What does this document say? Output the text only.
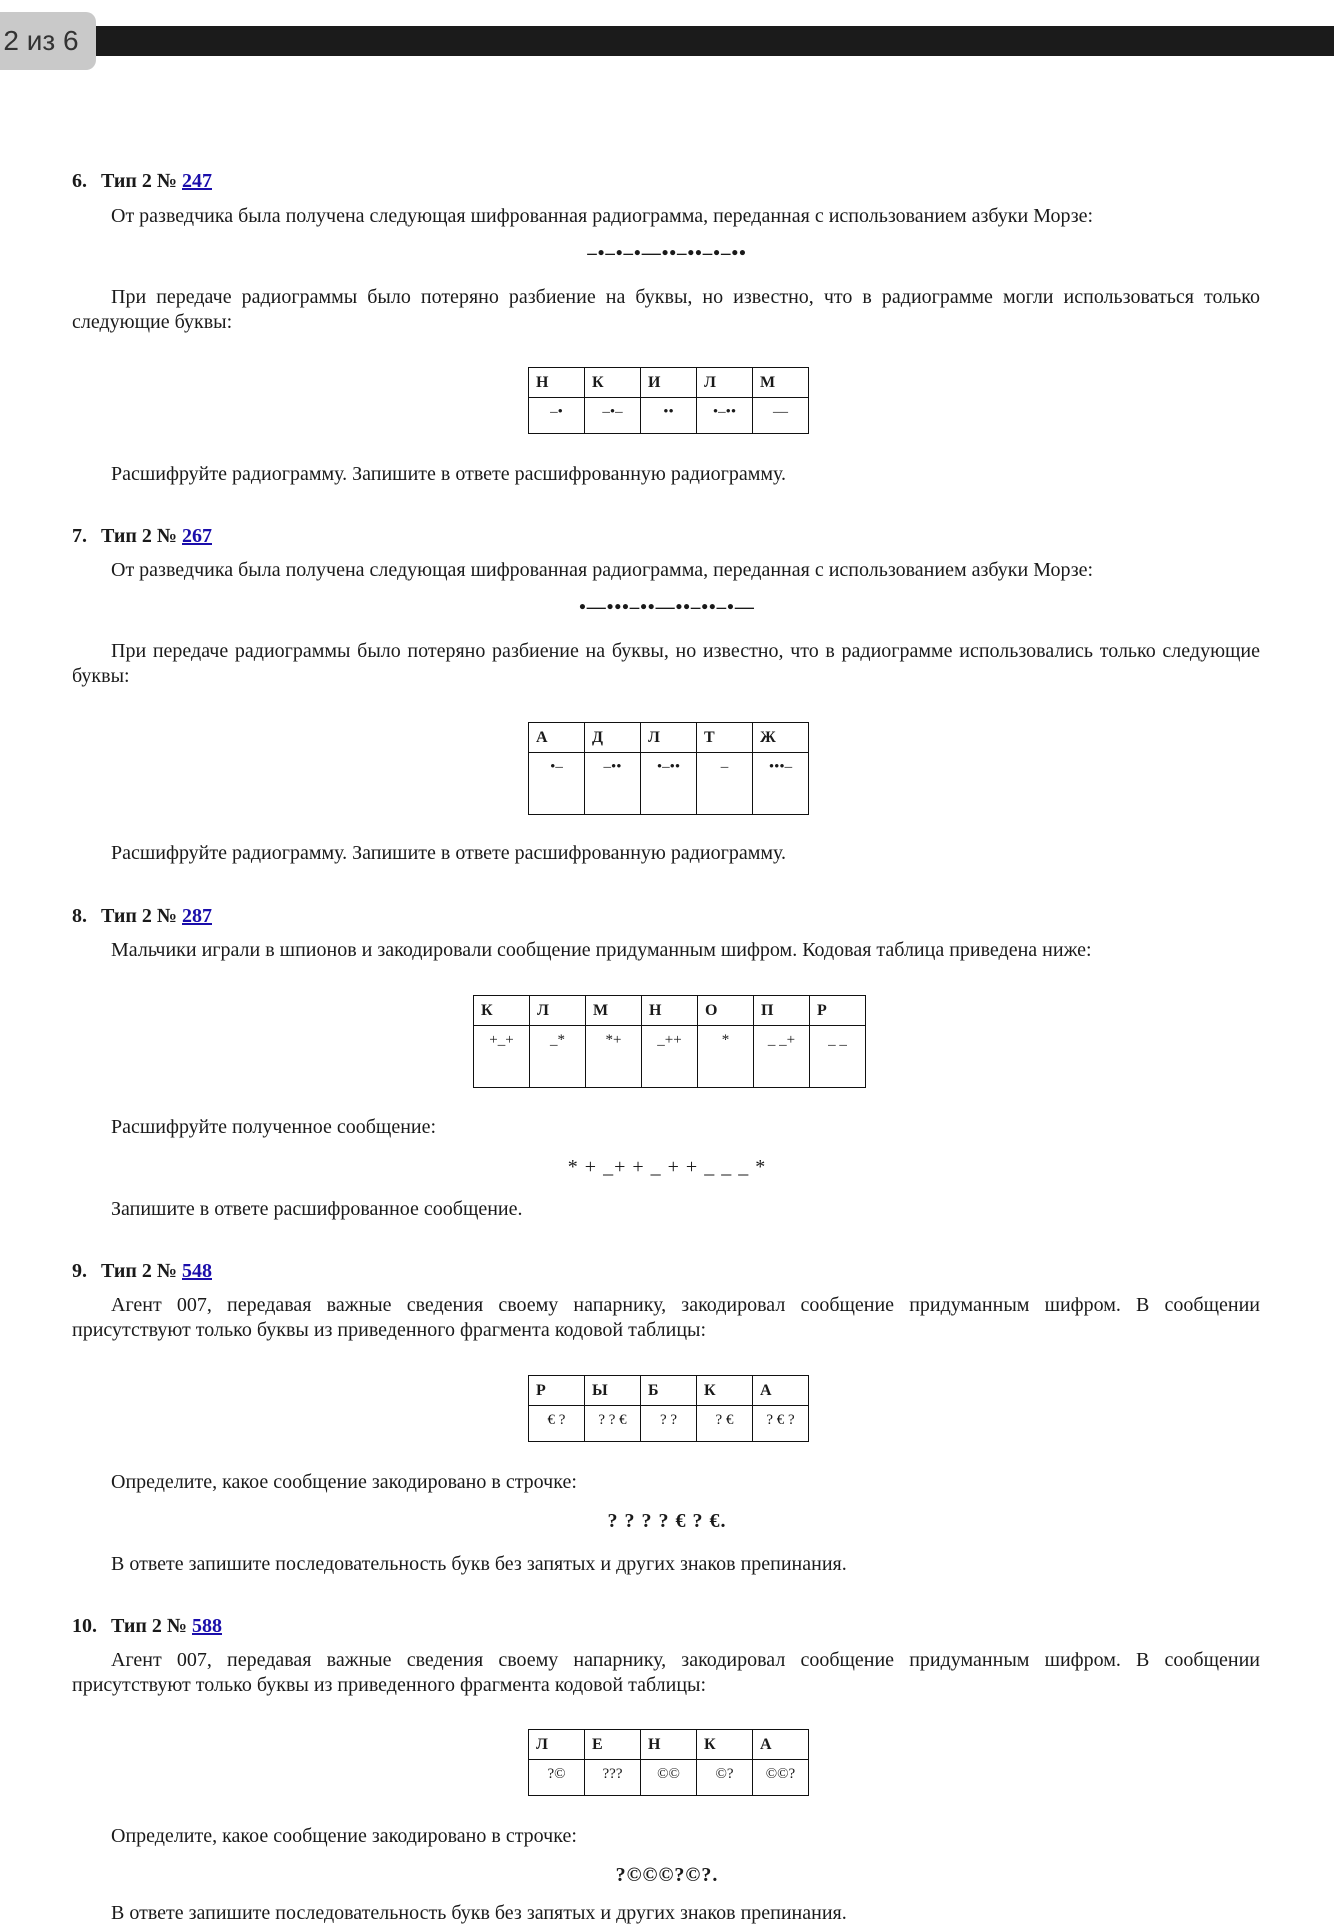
2 из 6
6. Тип 2 № 247
От разведчика была получена следующая шифрованная радиограмма, переданная с использованием азбуки Морзе:
–•–•–•—••–••–•–••
При передаче радиограммы было потеряно разбиение на буквы, но известно, что в радиограмме могли использоваться только следующие буквы:
Н	К	И	Л	М
–•	–•–	••	•–••	—
Расшифруйте радиограмму. Запишите в ответе расшифрованную радиограмму.
7. Тип 2 № 267
От разведчика была получена следующая шифрованная радиограмма, переданная с использованием азбуки Морзе:
•—•••–••—••–••–•—
При передаче радиограммы было потеряно разбиение на буквы, но известно, что в радиограмме использовались только следующие буквы:
А	Д	Л	Т	Ж
•–	–••	•–••	–	•••–
Расшифруйте радиограмму. Запишите в ответе расшифрованную радиограмму.
8. Тип 2 № 287
Мальчики играли в шпионов и закодировали сообщение придуманным шифром. Кодовая таблица приведена ниже:
К	Л	М	Н	О	П	Р
+_+	_*	*+	_++	*	_ _+	_ _
Расшифруйте полученное сообщение:
* + _+ + _ + + _ _ _ *
Запишите в ответе расшифрованное сообщение.
9. Тип 2 № 548
Агент 007, передавая важные сведения своему напарнику, закодировал сообщение придуманным шифром. В сообщении присутствуют только буквы из приведенного фрагмента кодовой таблицы:
Р	Ы	Б	К	А
€ ?	? ? €	? ?	? €	? € ?
Определите, какое сообщение закодировано в строчке:
? ? ? ? € ? €.
В ответе запишите последовательность букв без запятых и других знаков препинания.
10. Тип 2 № 588
Агент 007, передавая важные сведения своему напарнику, закодировал сообщение придуманным шифром. В сообщении присутствуют только буквы из приведенного фрагмента кодовой таблицы:
Л	Е	Н	К	А
?©	???	©©	©?	©©?
Определите, какое сообщение закодировано в строчке:
?©©©?©?.
В ответе запишите последовательность букв без запятых и других знаков препинания.
